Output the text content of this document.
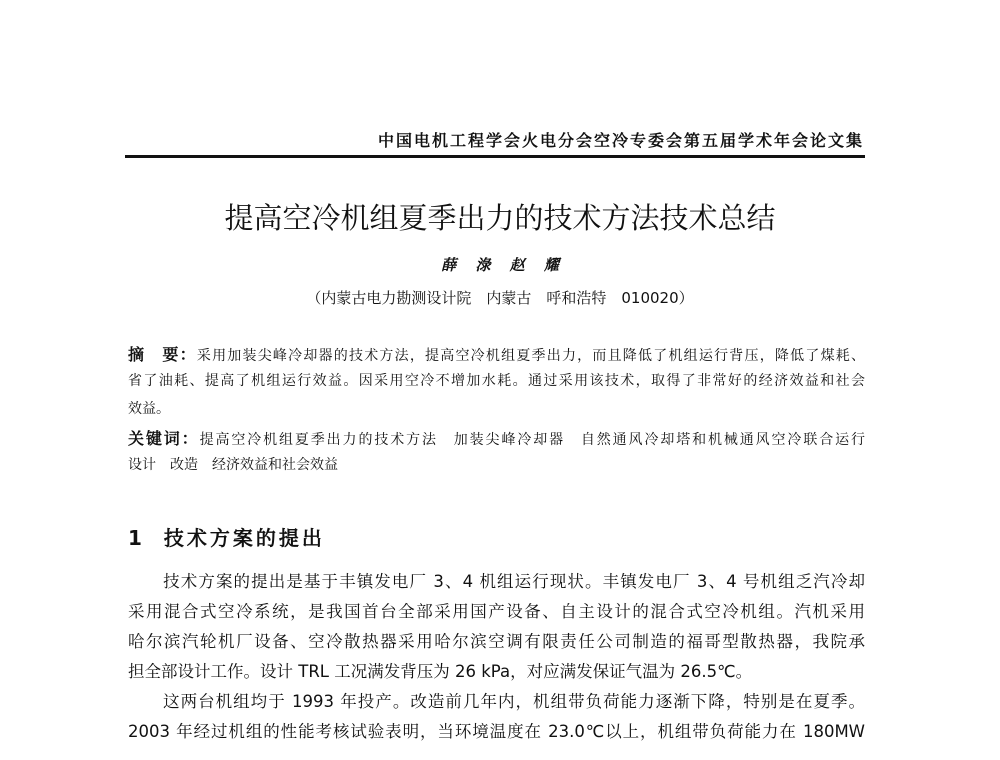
中国电机工程学会火电分会空冷专委会第五届学术年会论文集
提高空冷机组夏季出力的技术方法技术总结
薛 淥 赵 耀
（内蒙古电力勘测设计院　内蒙古　呼和浩特　010020）
摘　要：采用加装尖峰冷却器的技术方法，提高空冷机组夏季出力，而且降低了机组运行背压，降低了煤耗、
省了油耗、提高了机组运行效益。因采用空冷不增加水耗。通过采用该技术，取得了非常好的经济效益和社会
效益。
关键词：提高空冷机组夏季出力的技术方法　加装尖峰冷却器　自然通风冷却塔和机械通风空冷联合运行
设计　改造　经济效益和社会效益
1 技术方案的提出
　　技术方案的提出是基于丰镇发电厂 3、4 机组运行现状。丰镇发电厂 3、4 号机组乏汽冷却
采用混合式空冷系统，是我国首台全部采用国产设备、自主设计的混合式空冷机组。汽机采用
哈尔滨汽轮机厂设备、空冷散热器采用哈尔滨空调有限责任公司制造的福哥型散热器，我院承
担全部设计工作。设计 TRL 工况满发背压为 26 kPa，对应满发保证气温为 26.5℃。
　　这两台机组均于 1993 年投产。改造前几年内，机组带负荷能力逐渐下降，特别是在夏季。
2003 年经过机组的性能考核试验表明，当环境温度在 23.0℃以上，机组带负荷能力在 180MW
